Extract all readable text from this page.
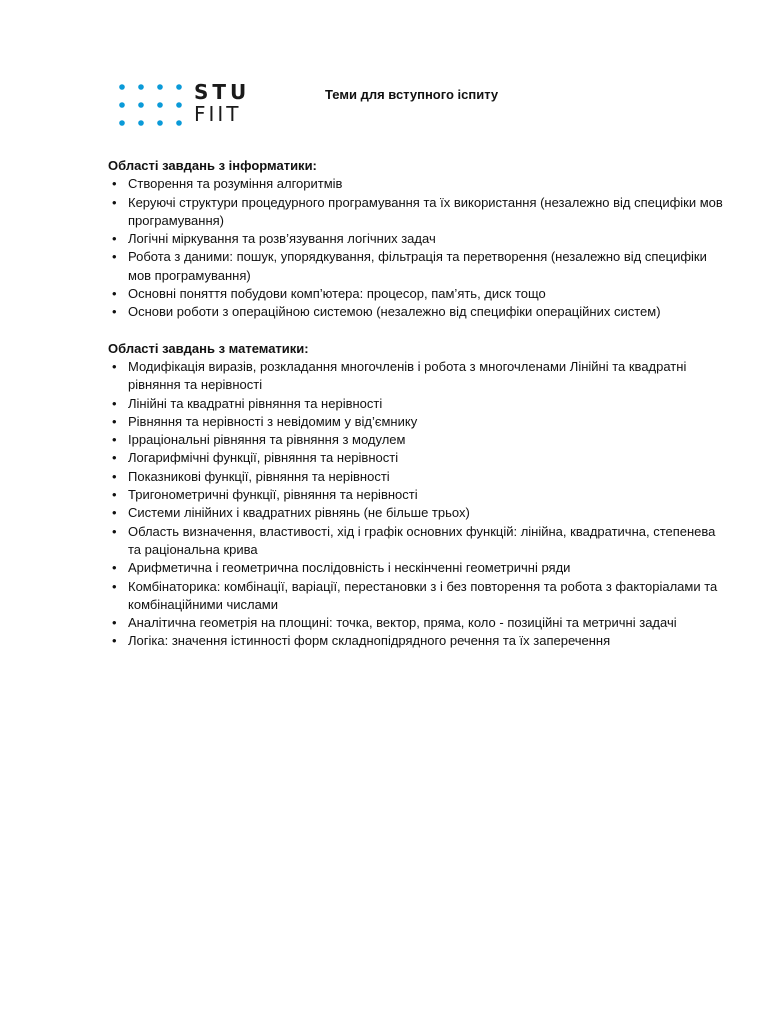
STU
FIIT
Теми для вступного іспиту

Області завдань з інформатики:

• Створення та розуміння алгоритмів
• Керуючі структури процедурного програмування та їх використання (незалежно від специфіки мов програмування)
• Логічні міркування та розв’язування логічних задач
• Робота з даними: пошук, упорядкування, фільтрація та перетворення (незалежно від специфіки мов програмування)
• Основні поняття побудови комп’ютера: процесор, пам’ять, диск тощо
• Основи роботи з операційною системою (незалежно від специфіки операційних систем)

Області завдань з математики:

• Модифікація виразів, розкладання многочленів і робота з многочленами Лінійні та квадратні рівняння та нерівності
• Лінійні та квадратні рівняння та нерівності
• Рівняння та нерівності з невідомим у від’ємнику
• Ірраціональні рівняння та рівняння з модулем
• Логарифмічні функції, рівняння та нерівності
• Показникові функції, рівняння та нерівності
• Тригонометричні функції, рівняння та нерівності
• Системи лінійних і квадратних рівнянь (не більше трьох)
• Область визначення, властивості, хід і графік основних функцій: лінійна, квадратична, степенева та раціональна крива
• Арифметична і геометрична послідовність і нескінченні геометричні ряди
• Комбінаторика: комбінації, варіації, перестановки з і без повторення та робота з факторіалами та комбінаційними числами
• Аналітична геометрія на площині: точка, вектор, пряма, коло - позиційні та метричні задачі
• Логіка: значення істинності форм складнопідрядного речення та їх заперечення
